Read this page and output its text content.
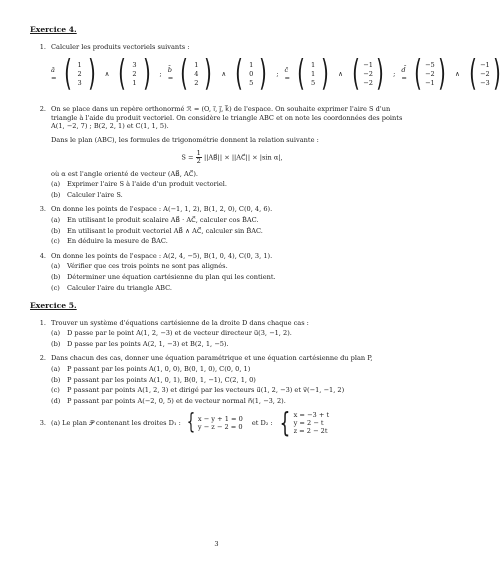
Exercice 4.
1. Calculer les produits vectoriels suivants :
ā = ( 1
2
3 ) ∧ ( 3
2
1 ) ;
b̄ = ( 1
4
2 ) ∧ ( 1
0
5 ) ;
c̄ = ( 1
1
5 ) ∧ ( −1
−2
−2 ) ;
d̄ = ( −5
−2
−1 ) ∧ ( −1
−2
−3 )
2. On se place dans un repère orthonormé ℛ = (O, i⃗, j⃗, k⃗) de l'espace. On souhaite exprimer l'aire S d'un triangle à l'aide du produit vectoriel. On considère le triangle ABC et on note les coordonnées des points A(1, −2, 7) ; B(2, 2, 1) et C(1, 1, 5).
Dans le plan (ABC), les formules de trigonométrie donnent la relation suivante :
$S = \frac{1}{2}$ ||AB⃗|| × ||AC⃗|| × |sin α|,
où α est l'angle orienté de vecteur (AB⃗, AC⃗).
(a)	Exprimer l'aire S à l'aide d'un produit vectoriel.
(b)	Calculer l'aire S.
3. On donne les points de l'espace : A(−1, 1, 2), B(1, 2, 0), C(0, 4, 6).
(a)	En utilisant le produit scalaire AB⃗ · AC⃗, calculer cos B̂AC.
(b)	En utilisant le produit vectoriel AB⃗ ∧ AC⃗, calculer sin B̂AC.
(c)	En déduire la mesure de B̂AC.
4. On donne les points de l'espace : A(2, 4, −5), B(1, 0, 4), C(0, 3, 1).
(a)	Vérifier que ces trois points ne sont pas alignés.
(b)	Déterminer une équation cartésienne du plan qui les contient.
(c)	Calculer l'aire du triangle ABC.
Exercice 5.
1. Trouver un système d'équations cartésienne de la droite D dans chaque cas :
(a)	D passe par le point A(1, 2, −3) et de vecteur directeur u⃗(3, −1, 2).
(b)	D passe par les points A(2, 1, −3) et B(2, 1, −5).
2. Dans chacun des cas, donner une équation paramétrique et une équation cartésienne du plan P,
(a)	P passant par les points A(1, 0, 0), B(0, 1, 0), C(0, 0, 1)
(b)	P passant par les points A(1, 0, 1), B(0, 1, −1), C(2, 1, 0)
(c)	P passant par points A(1, 2, 3) et dirigé par les vecteurs u⃗(1, 2, −3) et v⃗(−1, −1, 2)
(d)	P passant par points A(−2, 0, 5) et de vecteur normal n⃗(1, −3, 2).
3. (a) Le plan 𝒫 contenant les droites D₁ : { x − y + 1 = 0
y − z − 2 = 0
et D₂ : { x = −3 + t
y = 2 − t
z = 2 − 2t
3
